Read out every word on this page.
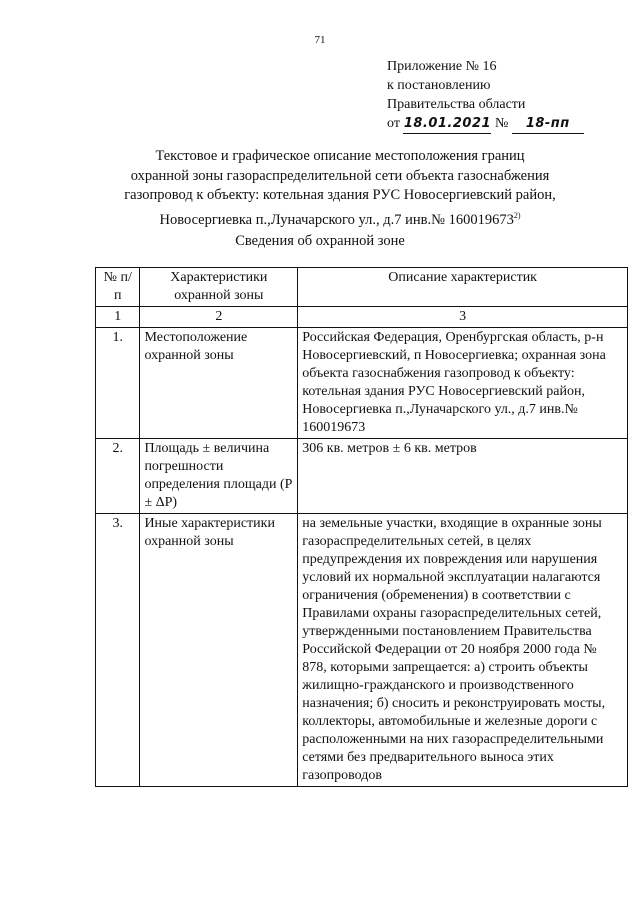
71
Приложение № 16
к постановлению
Правительства области
от 18.01.2021 № 18-пп
Текстовое и графическое описание местоположения границ
охранной зоны газораспределительной сети объекта газоснабжения
газопровод к объекту: котельная здания РУС Новосергиевский район,
Новосергиевка п.,Луначарского ул., д.7 инв.№ 160019673$^{2)}$
Сведения об охранной зоне
№ п/п	Характеристики охранной зоны	Описание характеристик
1	2	3
1.	Местоположение охранной зоны	Российская Федерация, Оренбургская область, р-н Новосергиевский, п Новосергиевка; охранная зона объекта газоснабжения газопровод к объекту: котельная здания РУС Новосергиевский район, Новосергиевка п.,Луначарского ул., д.7 инв.№ 160019673
2.	Площадь ± величина погрешности определения площади (P ± ΔP)	306 кв. метров ± 6 кв. метров
3.	Иные характеристики охранной зоны	на земельные участки, входящие в охранные зоны газораспределительных сетей, в целях предупреждения их повреждения или нарушения условий их нормальной эксплуатации налагаются ограничения (обременения) в соответствии с Правилами охраны газораспределительных сетей, утвержденными постановлением Правительства Российской Федерации от 20 ноября 2000 года № 878, которыми запрещается: а) строить объекты жилищно-гражданского и производственного назначения; б) сносить и реконструировать мосты, коллекторы, автомобильные и железные дороги с расположенными на них газораспределительными сетями без предварительного выноса этих газопроводов
